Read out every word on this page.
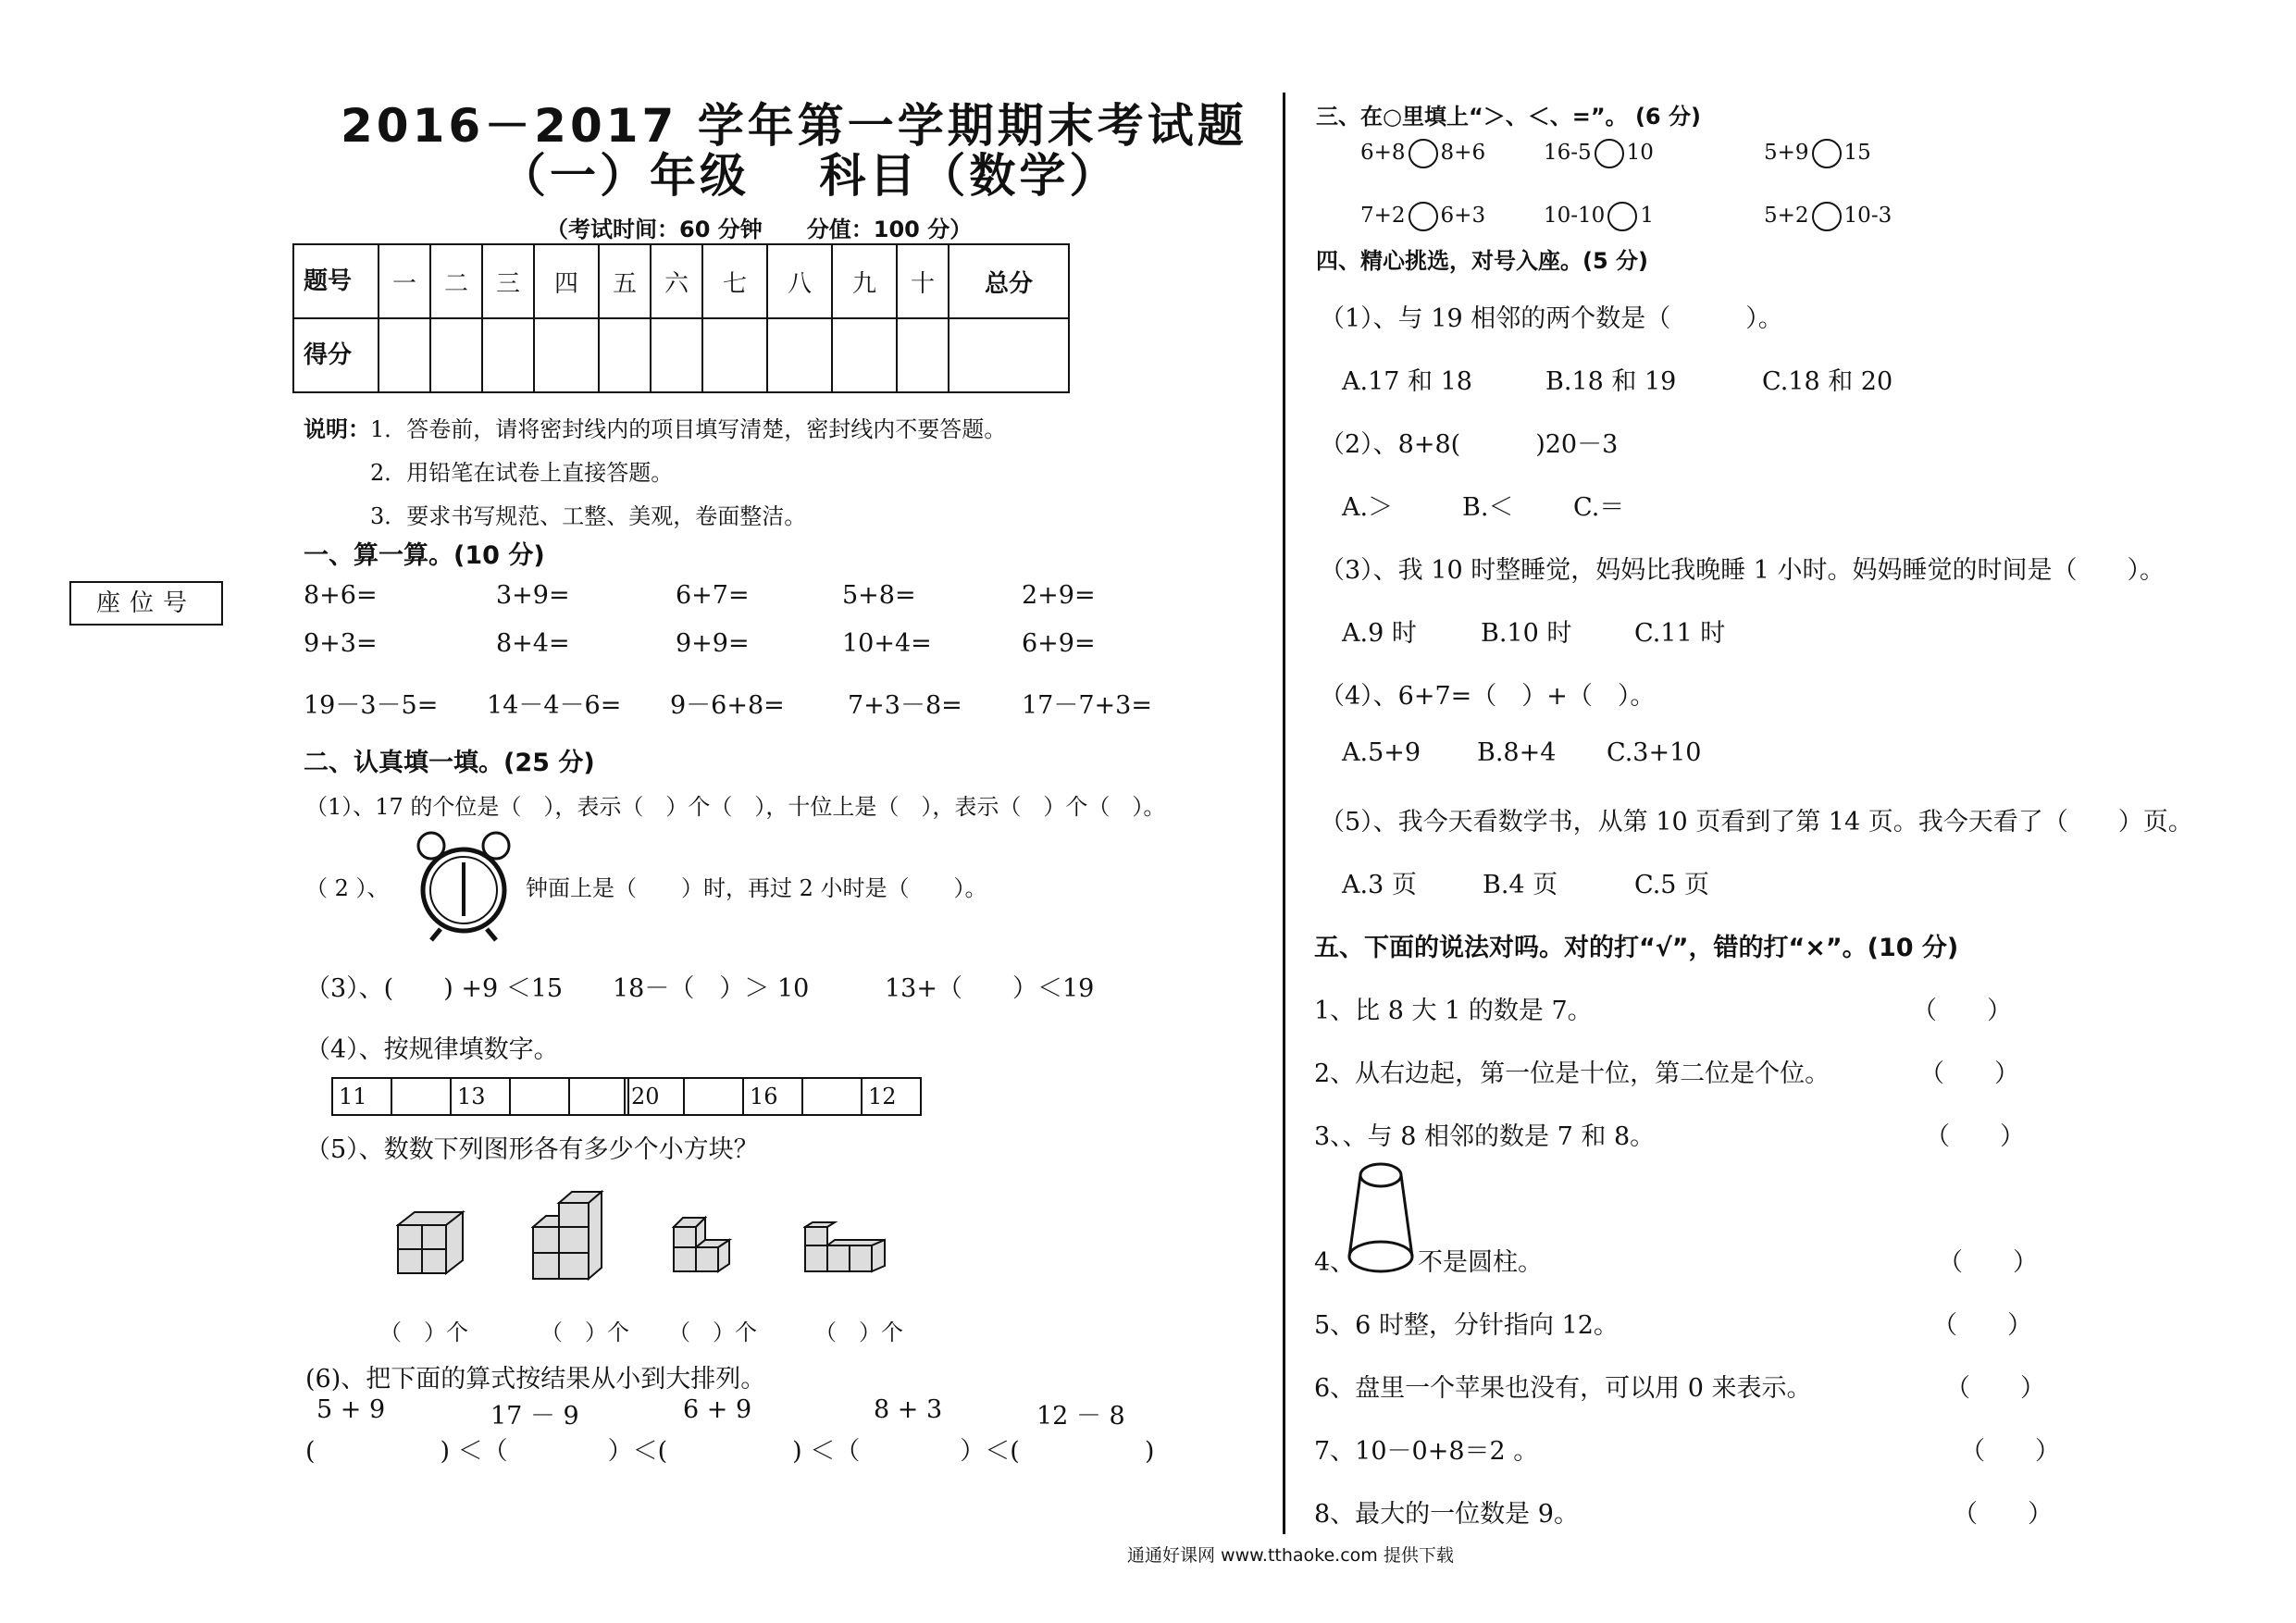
2016－2017 学年第一学期期末考试题
（一）年级　 科目（数学）
（考试时间：60 分钟　　分值：100 分）
题号	一	二	三	四	五	六	七	八	九	十	总分
得分											
说明：1．答卷前，请将密封线内的项目填写清楚，密封线内不要答题。
2．用铅笔在试卷上直接答题。
3．要求书写规范、工整、美观，卷面整洁。
座位号
一、算一算。(10 分)
8+6=	3+9=	6+7=	5+8=	2+9=
9+3=	8+4=	9+9=	10+4=	6+9=
19－3－5= 14－4－6= 9－6+8=	7+3－8= 17－7+3=
二、认真填一填。(25 分)
（1）、17 的个位是（　），表示（　）个（　），十位上是（　），表示（　）个（　）。
（ 2 ）、	钟面上是（　　）时，再过 2 小时是（　　）。
（3）、(　　) +9 ＜15 18－（　）＞ 10	13+（　　）＜19
（4）、按规律填数字。
11		13			20		16		12
（5）、数数下列图形各有多少个小方块？
（　）个	（　）个 （　）个	（　）个
(6)、把下面的算式按结果从小到大排列。
5 + 9	17 － 9	6 + 9	8 + 3	12 － 8
(　　　　　) ＜（　　　　）＜(　　　　　) ＜（　　　　）＜(　　　　　)
三、在○里填上“＞、＜、=”。 (6 分)
6+8 8+6	16-5 10	5+9 15
7+2 6+3	10-10 1	5+2 10-3
四、精心挑选，对号入座。(5 分)
（1）、与 19 相邻的两个数是（　　　）。
A.17 和 18	B.18 和 19	C.18 和 20
（2）、8+8(　　　)20－3
A.＞	B.＜ C.＝
（3）、我 10 时整睡觉，妈妈比我晚睡 1 小时。妈妈睡觉的时间是（　　）。
A.9 时	B.10 时	C.11 时
（4）、6+7=（　）+（　）。
A.5+9 B.8+4 C.3+10
（5）、我今天看数学书，从第 10 页看到了第 14 页。我今天看了（　　）页。
A.3 页	B.4 页	C.5 页
五、下面的说法对吗。对的打“√”，错的打“×”。(10 分)
1、比 8 大 1 的数是 7。	（　　）
2、从右边起，第一位是十位，第二位是个位。	（　　）
3、、与 8 相邻的数是 7 和 8。	（　　）
4、	不是圆柱。	（　　）
5、6 时整，分针指向 12。	（　　）
6、盘里一个苹果也没有，可以用 0 来表示。	（　　）
7、10－0+8＝2 。	（　　）
8、最大的一位数是 9。	（　　）
通通好课网 www.tthaoke.com 提供下载
